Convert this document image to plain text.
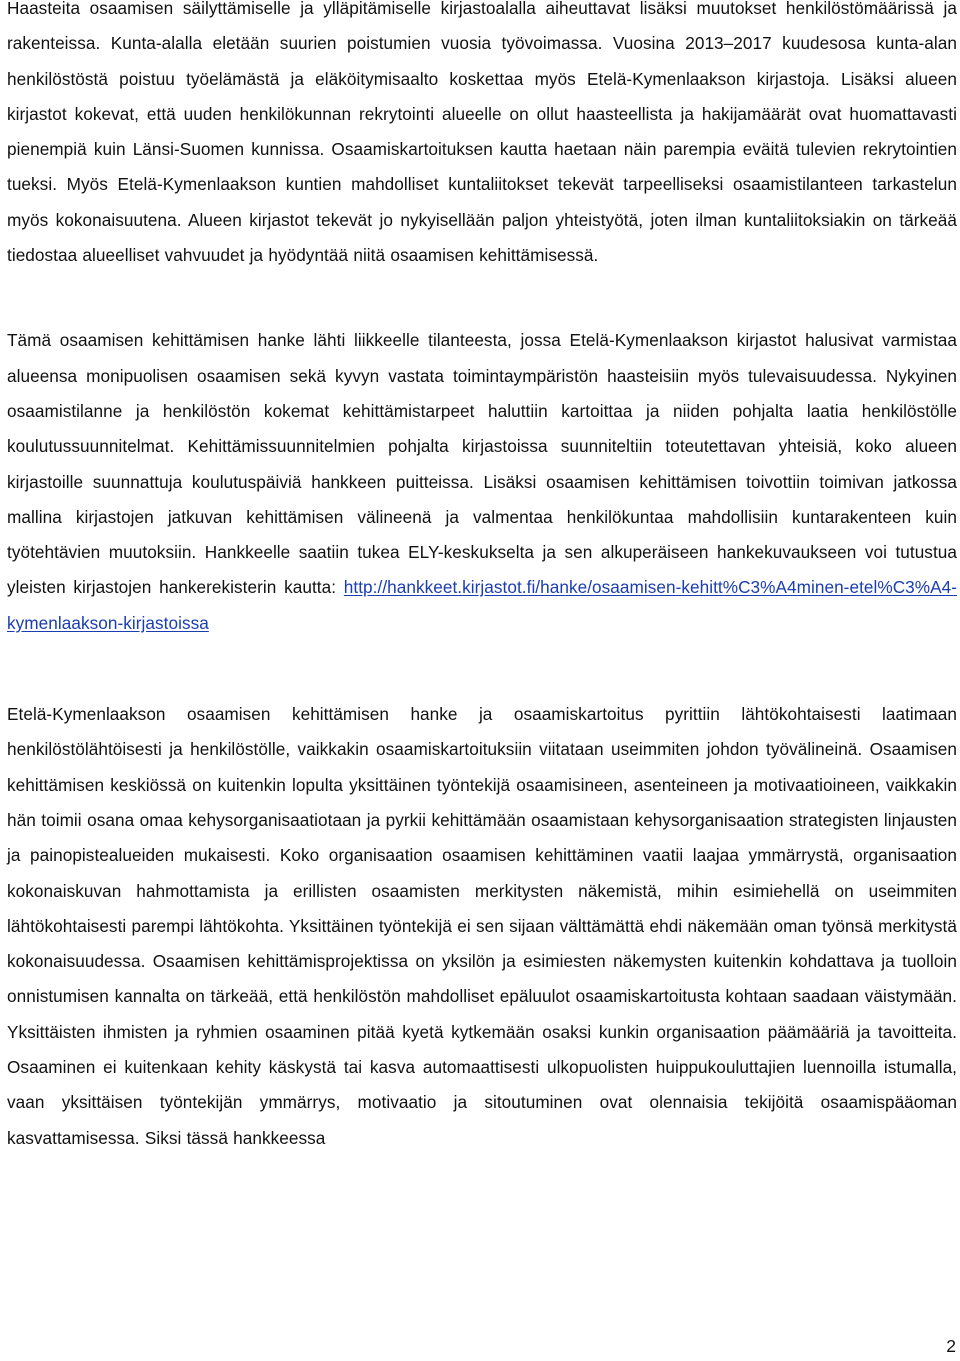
Haasteita osaamisen säilyttämiselle ja ylläpitämiselle kirjastoalalla aiheuttavat lisäksi muutokset henkilöstömäärissä ja rakenteissa. Kunta-alalla eletään suurien poistumien vuosia työvoimassa. Vuosina 2013–2017 kuudesosa kunta-alan henkilöstöstä poistuu työelämästä ja eläköitymisaalto koskettaa myös Etelä-Kymenlaakson kirjastoja. Lisäksi alueen kirjastot kokevat, että uuden henkilökunnan rekrytointi alueelle on ollut haasteellista ja hakijamäärät ovat huomattavasti pienempiä kuin Länsi-Suomen kunnissa. Osaamiskartoituksen kautta haetaan näin parempia eväitä tulevien rekrytointien tueksi. Myös Etelä-Kymenlaakson kuntien mahdolliset kuntaliitokset tekevät tarpeelliseksi osaamistilanteen tarkastelun myös kokonaisuutena. Alueen kirjastot tekevät jo nykyisellään paljon yhteistyötä, joten ilman kuntaliitoksiakin on tärkeää tiedostaa alueelliset vahvuudet ja hyödyntää niitä osaamisen kehittämisessä.

Tämä osaamisen kehittämisen hanke lähti liikkeelle tilanteesta, jossa Etelä-Kymenlaakson kirjastot halusivat varmistaa alueensa monipuolisen osaamisen sekä kyvyn vastata toimintaympäristön haasteisiin myös tulevaisuudessa. Nykyinen osaamistilanne ja henkilöstön kokemat kehittämistarpeet haluttiin kartoittaa ja niiden pohjalta laatia henkilöstölle koulutussuunnitelmat. Kehittämissuunnitelmien pohjalta kirjastoissa suunniteltiin toteutettavan yhteisiä, koko alueen kirjastoille suunnattuja koulutuspäiviä hankkeen puitteissa. Lisäksi osaamisen kehittämisen toivottiin toimivan jatkossa mallina kirjastojen jatkuvan kehittämisen välineenä ja valmentaa henkilökuntaa mahdollisiin kuntarakenteen kuin työtehtävien muutoksiin. Hankkeelle saatiin tukea ELY-keskukselta ja sen alkuperäiseen hankekuvaukseen voi tutustua yleisten kirjastojen hankerekisterin kautta: http://hankkeet.kirjastot.fi/hanke/osaamisen-kehitt%C3%A4minen-etel%C3%A4-kymenlaakson-kirjastoissa

Etelä-Kymenlaakson osaamisen kehittämisen hanke ja osaamiskartoitus pyrittiin lähtökohtaisesti laatimaan henkilöstölähtöisesti ja henkilöstölle, vaikkakin osaamiskartoituksiin viitataan useimmiten johdon työvälineinä. Osaamisen kehittämisen keskiössä on kuitenkin lopulta yksittäinen työntekijä osaamisineen, asenteineen ja motivaatioineen, vaikkakin hän toimii osana omaa kehysorganisaatiotaan ja pyrkii kehittämään osaamistaan kehysorganisaation strategisten linjausten ja painopistealueiden mukaisesti. Koko organisaation osaamisen kehittäminen vaatii laajaa ymmärrystä, organisaation kokonaiskuvan hahmottamista ja erillisten osaamisten merkitysten näkemistä, mihin esimiehellä on useimmiten lähtökohtaisesti parempi lähtökohta. Yksittäinen työntekijä ei sen sijaan välttämättä ehdi näkemään oman työnsä merkitystä kokonaisuudessa. Osaamisen kehittämisprojektissa on yksilön ja esimiesten näkemysten kuitenkin kohdattava ja tuolloin onnistumisen kannalta on tärkeää, että henkilöstön mahdolliset epäluulot osaamiskartoitusta kohtaan saadaan väistymään. Yksittäisten ihmisten ja ryhmien osaaminen pitää kyetä kytkemään osaksi kunkin organisaation päämääriä ja tavoitteita. Osaaminen ei kuitenkaan kehity käskystä tai kasva automaattisesti ulkopuolisten huippukouluttajien luennoilla istumalla, vaan yksittäisen työntekijän ymmärrys, motivaatio ja sitoutuminen ovat olennaisia tekijöitä osaamispääoman kasvattamisessa. Siksi tässä hankkeessa

2
